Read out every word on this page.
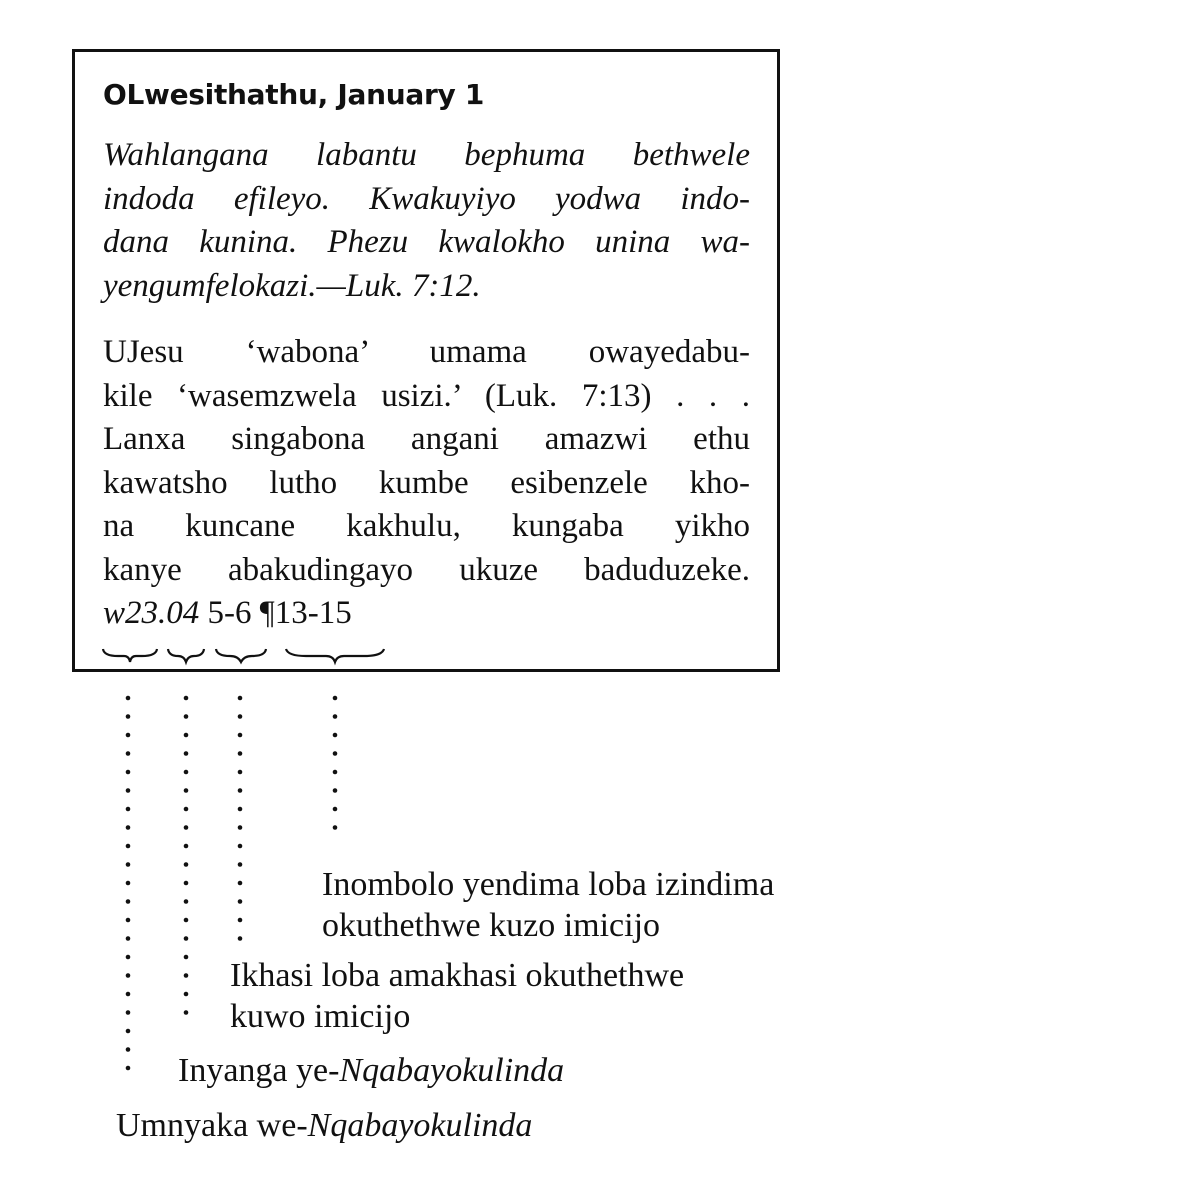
OLwesithathu, January 1
Wahlangana labantu bephuma bethwele
indoda efileyo. Kwakuyiyo yodwa indo-
dana kunina. Phezu kwalokho unina wa-
yengumfelokazi.—Luk. 7:12.
UJesu ‘wabona’ umama owayedabu-
kile ‘wasemzwela usizi.’ (Luk. 7:13) . . .
Lanxa singabona angani amazwi ethu
kawatsho lutho kumbe esibenzele kho-
na kuncane kakhulu, kungaba yikho
kanye abakudingayo ukuze baduduzeke.
w23.04 5-6 ¶13-15
Inombolo yendima loba izindima
okuthethwe kuzo imicijo
Ikhasi loba amakhasi okuthethwe
kuwo imicijo
Inyanga ye-Nqabayokulinda
Umnyaka we-Nqabayokulinda
